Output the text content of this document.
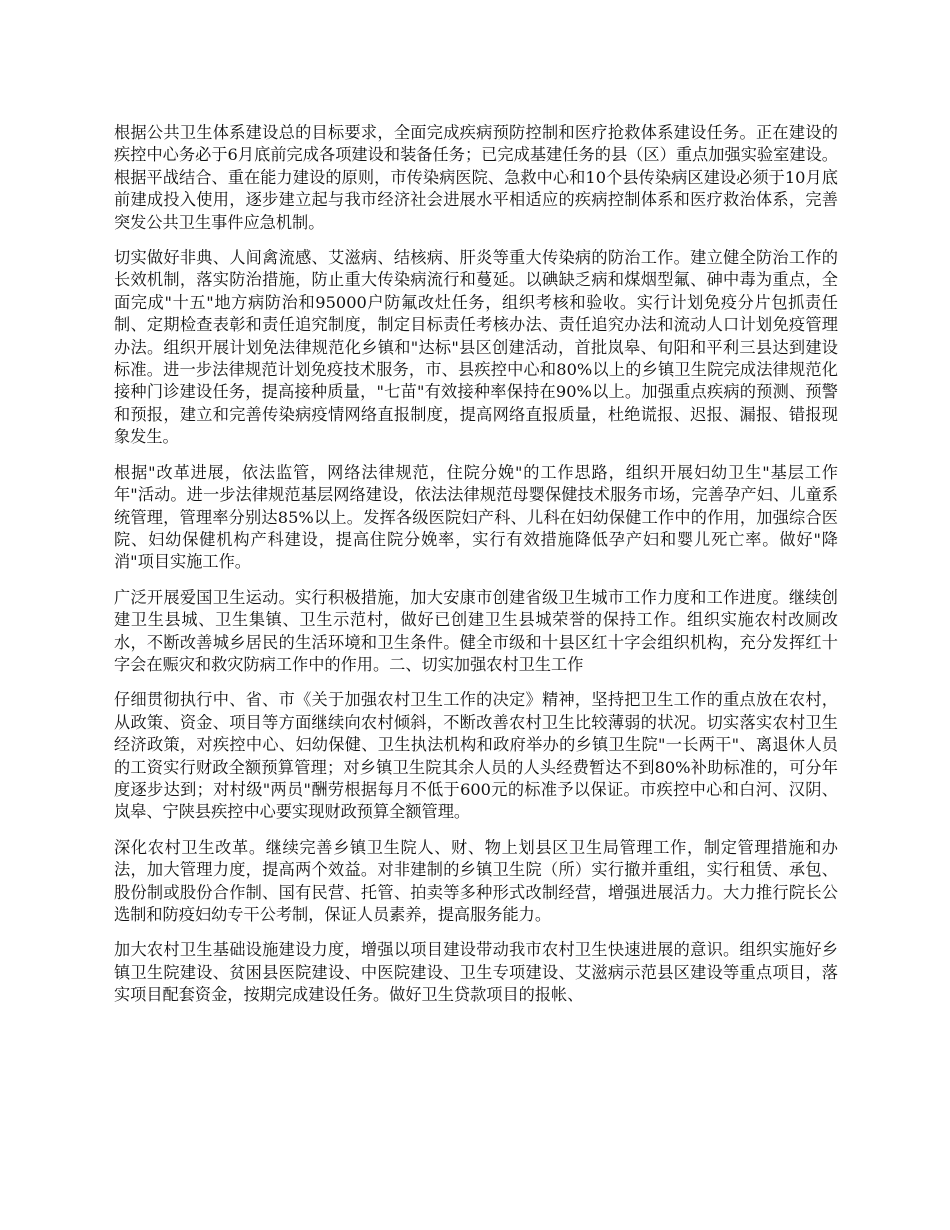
根据公共卫生体系建设总的目标要求，全面完成疾病预防控制和医疗抢救体系建设任务。正在建设的疾控中心务必于6月底前完成各项建设和装备任务；已完成基建任务的县（区）重点加强实验室建设。根据平战结合、重在能力建设的原则，市传染病医院、急救中心和10个县传染病区建设必须于10月底前建成投入使用，逐步建立起与我市经济社会进展水平相适应的疾病控制体系和医疗救治体系，完善突发公共卫生事件应急机制。

切实做好非典、人间禽流感、艾滋病、结核病、肝炎等重大传染病的防治工作。建立健全防治工作的长效机制，落实防治措施，防止重大传染病流行和蔓延。以碘缺乏病和煤烟型氟、砷中毒为重点，全面完成"十五"地方病防治和95000户防氟改灶任务，组织考核和验收。实行计划免疫分片包抓责任制、定期检查表彰和责任追究制度，制定目标责任考核办法、责任追究办法和流动人口计划免疫管理办法。组织开展计划免法律规范化乡镇和"达标"县区创建活动，首批岚皋、旬阳和平利三县达到建设标准。进一步法律规范计划免疫技术服务，市、县疾控中心和80%以上的乡镇卫生院完成法律规范化接种门诊建设任务，提高接种质量，"七苗"有效接种率保持在90%以上。加强重点疾病的预测、预警和预报，建立和完善传染病疫情网络直报制度，提高网络直报质量，杜绝谎报、迟报、漏报、错报现象发生。

根据"改革进展，依法监管，网络法律规范，住院分娩"的工作思路，组织开展妇幼卫生"基层工作年"活动。进一步法律规范基层网络建设，依法法律规范母婴保健技术服务市场，完善孕产妇、儿童系统管理，管理率分别达85%以上。发挥各级医院妇产科、儿科在妇幼保健工作中的作用，加强综合医院、妇幼保健机构产科建设，提高住院分娩率，实行有效措施降低孕产妇和婴儿死亡率。做好"降消"项目实施工作。

广泛开展爱国卫生运动。实行积极措施，加大安康市创建省级卫生城市工作力度和工作进度。继续创建卫生县城、卫生集镇、卫生示范村，做好已创建卫生县城荣誉的保持工作。组织实施农村改厕改水，不断改善城乡居民的生活环境和卫生条件。健全市级和十县区红十字会组织机构，充分发挥红十字会在赈灾和救灾防病工作中的作用。二、切实加强农村卫生工作

仔细贯彻执行中、省、市《关于加强农村卫生工作的决定》精神，坚持把卫生工作的重点放在农村，从政策、资金、项目等方面继续向农村倾斜，不断改善农村卫生比较薄弱的状况。切实落实农村卫生经济政策，对疾控中心、妇幼保健、卫生执法机构和政府举办的乡镇卫生院"一长两干"、离退休人员的工资实行财政全额预算管理；对乡镇卫生院其余人员的人头经费暂达不到80%补助标准的，可分年度逐步达到；对村级"两员"酬劳根据每月不低于600元的标准予以保证。市疾控中心和白河、汉阴、岚皋、宁陕县疾控中心要实现财政预算全额管理。

深化农村卫生改革。继续完善乡镇卫生院人、财、物上划县区卫生局管理工作，制定管理措施和办法，加大管理力度，提高两个效益。对非建制的乡镇卫生院（所）实行撤并重组，实行租赁、承包、股份制或股份合作制、国有民营、托管、拍卖等多种形式改制经营，增强进展活力。大力推行院长公选制和防疫妇幼专干公考制，保证人员素养，提高服务能力。

加大农村卫生基础设施建设力度，增强以项目建设带动我市农村卫生快速进展的意识。组织实施好乡镇卫生院建设、贫困县医院建设、中医院建设、卫生专项建设、艾滋病示范县区建设等重点项目，落实项目配套资金，按期完成建设任务。做好卫生贷款项目的报帐、
